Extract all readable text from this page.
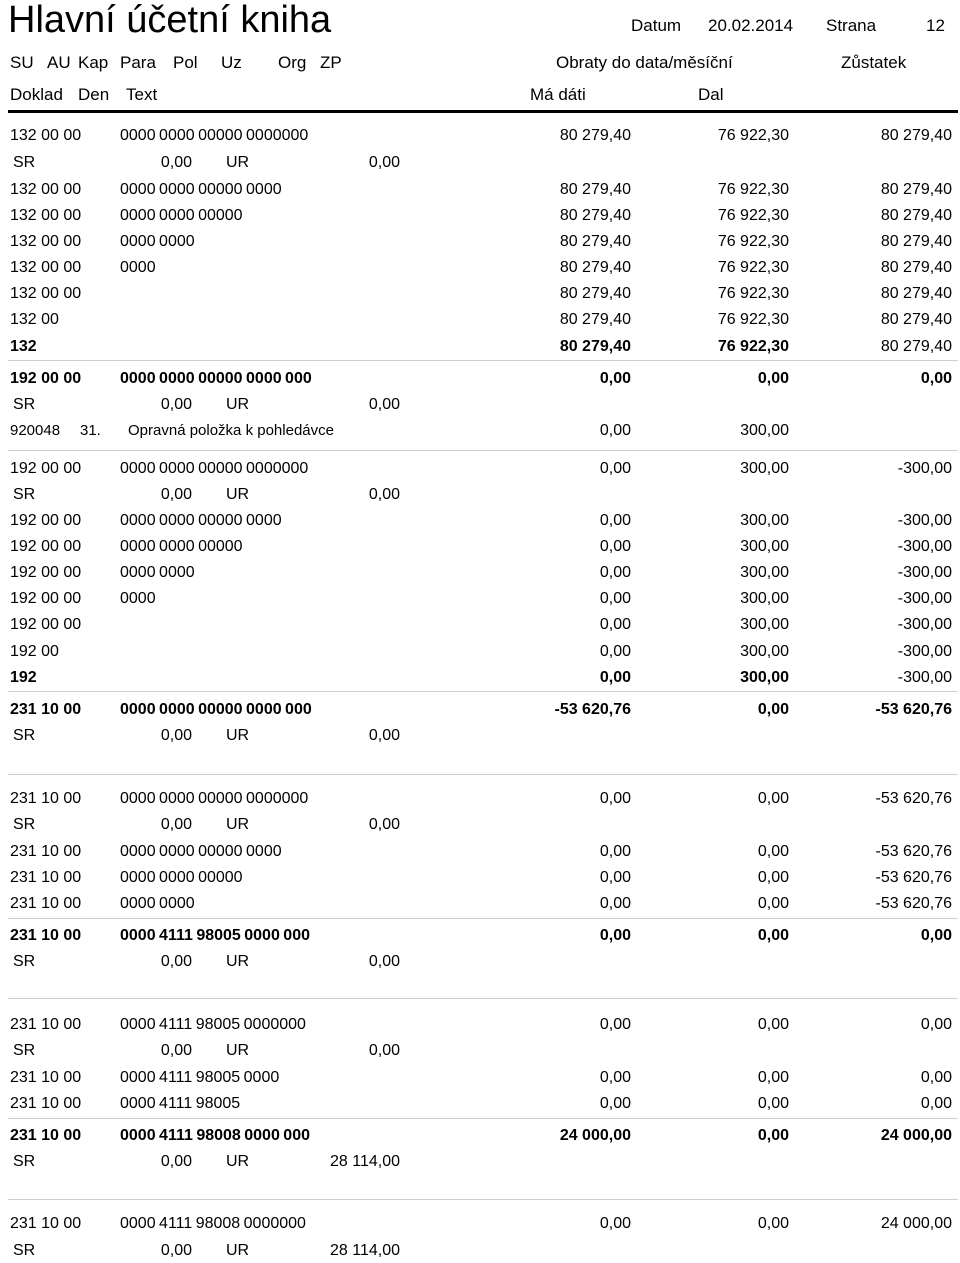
Hlavní účetní kniha	Datum 20.02.2014 Strana	12
SU AU Kap Para Pol Uz Org ZP	Obraty do data/měsíční	Zůstatek
Doklad Den Text	Má dáti	Dal
132 00 00 0000 0000 00000 0000000	80 279,40	76 922,30	80 279,40
SR	0,00 UR	0,00
132 00 00 0000 0000 00000 0000	80 279,40	76 922,30	80 279,40
132 00 00 0000 0000 00000	80 279,40	76 922,30	80 279,40
132 00 00 0000 0000	80 279,40	76 922,30	80 279,40
132 00 00 0000	80 279,40	76 922,30	80 279,40
132 00 00	80 279,40	76 922,30	80 279,40
132 00	80 279,40	76 922,30	80 279,40
132	80 279,40	76 922,30	80 279,40
192 00 00 0000 0000 00000 0000 000	0,00	0,00	0,00
SR	0,00 UR	0,00
920048 31. Opravná položka k pohledávce	0,00	300,00
192 00 00 0000 0000 00000 0000000	0,00	300,00	-300,00
SR	0,00 UR	0,00
192 00 00 0000 0000 00000 0000	0,00	300,00	-300,00
192 00 00 0000 0000 00000	0,00	300,00	-300,00
192 00 00 0000 0000	0,00	300,00	-300,00
192 00 00 0000	0,00	300,00	-300,00
192 00 00	0,00	300,00	-300,00
192 00	0,00	300,00	-300,00
192	0,00	300,00	-300,00
231 10 00 0000 0000 00000 0000 000	-53 620,76	0,00	-53 620,76
SR	0,00 UR	0,00
231 10 00 0000 0000 00000 0000000	0,00	0,00	-53 620,76
SR	0,00 UR	0,00
231 10 00 0000 0000 00000 0000	0,00	0,00	-53 620,76
231 10 00 0000 0000 00000	0,00	0,00	-53 620,76
231 10 00 0000 0000	0,00	0,00	-53 620,76
231 10 00 0000 4111 98005 0000 000	0,00	0,00	0,00
SR	0,00 UR	0,00
231 10 00 0000 4111 98005 0000000	0,00	0,00	0,00
SR	0,00 UR	0,00
231 10 00 0000 4111 98005 0000	0,00	0,00	0,00
231 10 00 0000 4111 98005	0,00	0,00	0,00
231 10 00 0000 4111 98008 0000 000	24 000,00	0,00	24 000,00
SR	0,00 UR	28 114,00
231 10 00 0000 4111 98008 0000000	0,00	0,00	24 000,00
SR	0,00 UR	28 114,00
